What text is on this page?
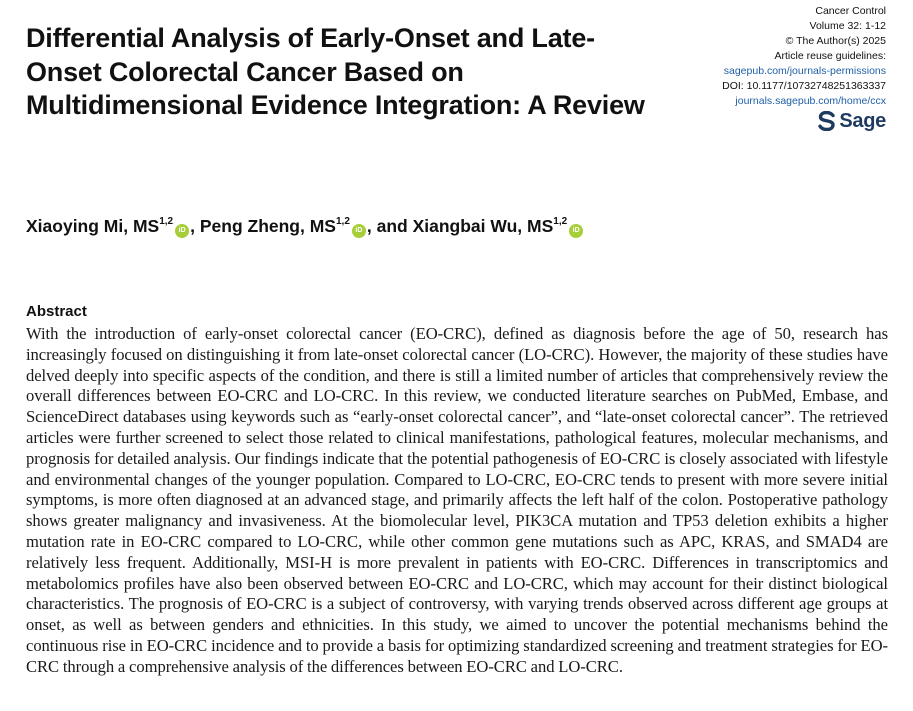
Differential Analysis of Early-Onset and Late-Onset Colorectal Cancer Based on Multidimensional Evidence Integration: A Review
Cancer Control
Volume 32: 1-12
© The Author(s) 2025
Article reuse guidelines:
sagepub.com/journals-permissions
DOI: 10.1177/10732748251363337
journals.sagepub.com/home/ccx
Sage
Xiaoying Mi, MS$^{1,2}$iD , Peng Zheng, MS$^{1,2}$iD , and Xiangbai Wu, MS$^{1,2}$iD
Abstract

With the introduction of early-onset colorectal cancer (EO-CRC), defined as diagnosis before the age of 50, research has increasingly focused on distinguishing it from late-onset colorectal cancer (LO-CRC). However, the majority of these studies have delved deeply into specific aspects of the condition, and there is still a limited number of articles that comprehensively review the overall differences between EO-CRC and LO-CRC. In this review, we conducted literature searches on PubMed, Embase, and ScienceDirect databases using keywords such as “early-onset colorectal cancer”, and “late-onset colorectal cancer”. The retrieved articles were further screened to select those related to clinical manifestations, pathological features, molecular mechanisms, and prognosis for detailed analysis. Our findings indicate that the potential pathogenesis of EO-CRC is closely associated with lifestyle and environmental changes of the younger population. Compared to LO-CRC, EO-CRC tends to present with more severe initial symptoms, is more often diagnosed at an advanced stage, and primarily affects the left half of the colon. Postoperative pathology shows greater malignancy and invasiveness. At the biomolecular level, PIK3CA mutation and TP53 deletion exhibits a higher mutation rate in EO-CRC compared to LO-CRC, while other common gene mutations such as APC, KRAS, and SMAD4 are relatively less frequent. Additionally, MSI-H is more prevalent in patients with EO-CRC. Differences in transcriptomics and metabolomics profiles have also been observed between EO-CRC and LO-CRC, which may account for their distinct biological characteristics. The prognosis of EO-CRC is a subject of controversy, with varying trends observed across different age groups at onset, as well as between genders and ethnicities. In this study, we aimed to uncover the potential mechanisms behind the continuous rise in EO-CRC incidence and to provide a basis for optimizing standardized screening and treatment strategies for EO-CRC through a comprehensive analysis of the differences between EO-CRC and LO-CRC.
